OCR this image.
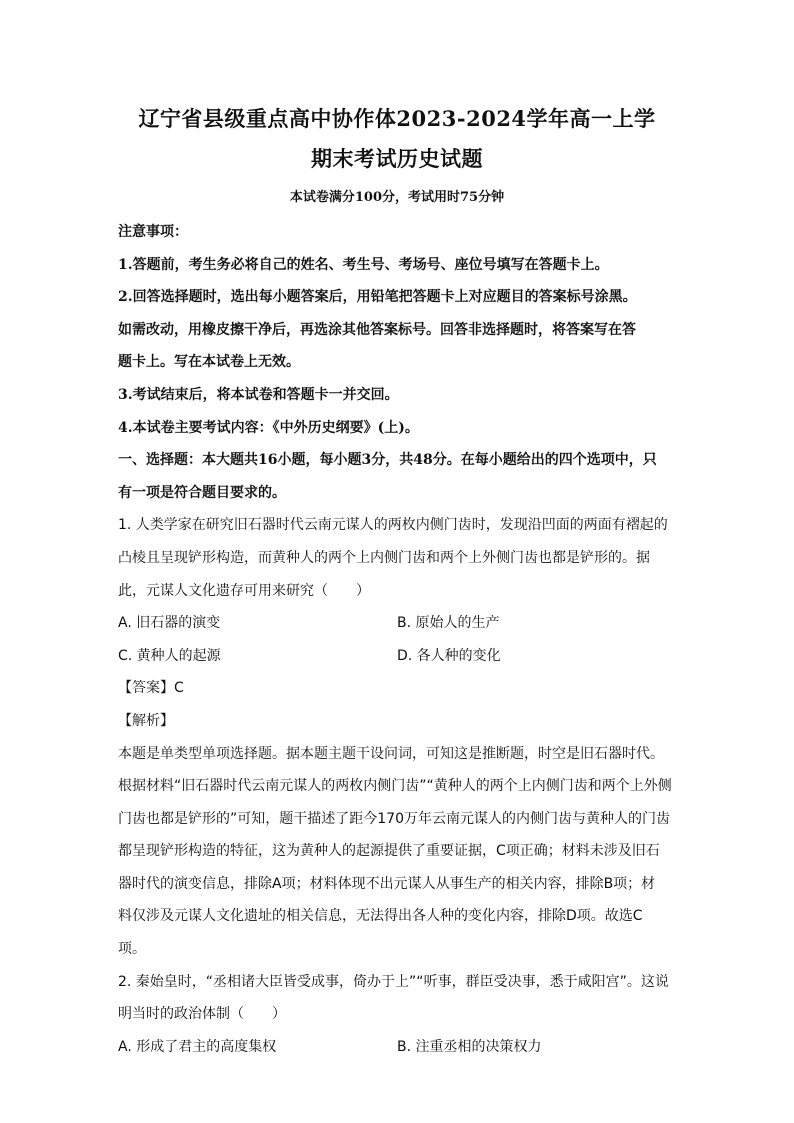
辽宁省县级重点高中协作体2023-2024学年高一上学
期末考试历史试题
本试卷满分100分，考试用时75分钟
注意事项：
1.答题前，考生务必将自己的姓名、考生号、考场号、座位号填写在答题卡上。
2.回答选择题时，选出每小题答案后，用铅笔把答题卡上对应题目的答案标号涂黑。
如需改动，用橡皮擦干净后，再选涂其他答案标号。回答非选择题时，将答案写在答
题卡上。写在本试卷上无效。
3.考试结束后，将本试卷和答题卡一并交回。
4.本试卷主要考试内容：《中外历史纲要》(上)。
一、选择题：本大题共16小题，每小题3分，共48分。在每小题给出的四个选项中，只
有一项是符合题目要求的。
1. 人类学家在研究旧石器时代云南元谋人的两枚内侧门齿时，发现沿凹面的两面有褶起的
凸棱且呈现铲形构造，而黄种人的两个上内侧门齿和两个上外侧门齿也都是铲形的。据
此，元谋人文化遗存可用来研究（　　）
A. 旧石器的演变	B. 原始人的生产
C. 黄种人的起源	D. 各人种的变化
【答案】C
【解析】
本题是单类型单项选择题。据本题主题干设问词，可知这是推断题，时空是旧石器时代。
根据材料“旧石器时代云南元谋人的两枚内侧门齿”“黄种人的两个上内侧门齿和两个上外侧
门齿也都是铲形的”可知，题干描述了距今170万年云南元谋人的内侧门齿与黄种人的门齿
都呈现铲形构造的特征，这为黄种人的起源提供了重要证据，C项正确；材料未涉及旧石
器时代的演变信息，排除A项；材料体现不出元谋人从事生产的相关内容，排除B项；材
料仅涉及元谋人文化遗址的相关信息，无法得出各人种的变化内容，排除D项。故选C
项。
2. 秦始皇时，“丞相诸大臣皆受成事，倚办于上”“听事，群臣受决事，悉于咸阳宫”。这说
明当时的政治体制（　　）
A. 形成了君主的高度集权	B. 注重丞相的决策权力
